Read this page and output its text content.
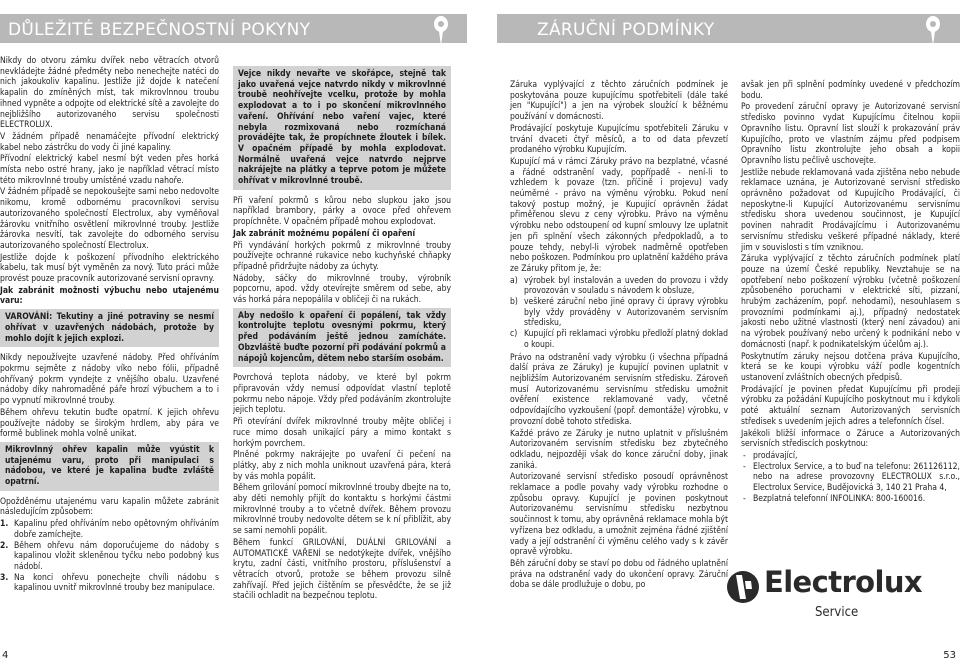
DŮLEŽITÉ BEZPEČNOSTNÍ POKYNY	ZÁRUČNÍ PODMÍNKY

Nikdy do otvoru zámku dvířek nebo větracích otvorů nevkládejte žádné předměty nebo nenechejte natéci do nich jakoukoliv kapalinu. Jestliže již dojde k natečení kapalin do zmíněných míst, tak mikrovlnnou troubu ihned vypněte a odpojte od elektrické sítě a zavolejte do nejbližšího autorizovaného servisu společnosti ELECTROLUX.

V žádném případě nenamáčejte přívodní elektrický kabel nebo zástrčku do vody či jiné kapaliny.

Přívodní elektrický kabel nesmí být veden přes horká místa nebo ostré hrany, jako je například větrací místo této mikrovlnné trouby umístěné vzadu nahoře.

V žádném případě se nepokoušejte sami nebo nedovolte nikomu, kromě odbornému pracovníkovi servisu autorizovaného společností Electrolux, aby vyměňoval žárovku vnitřního osvětlení mikrovlnné trouby. Jestliže žárovka nesvítí, tak zavolejte do odborného servisu autorizovaného společností Electrolux.

Jestliže dojde k poškození přívodního elektrického kabelu, tak musí být vyměněn za nový. Tuto práci může provést pouze pracovník autorizované servisní opravny.

Jak zabránit možnosti výbuchu nebo utajenému varu:

VAROVÁNÍ: Tekutiny a jiné potraviny se nesmí ohřívat v uzavřených nádobách, protože by mohlo dojít k jejich explozi.

Nikdy nepoužívejte uzavřené nádoby. Před ohříváním pokrmu sejměte z nádoby víko nebo fólii, případně ohřívaný pokrm vyndejte z vnějšího obalu. Uzavřené nádoby díky nahromaděné páře hrozí výbuchem a to i po vypnutí mikrovlnné trouby.

Během ohřevu tekutin buďte opatrní. K jejich ohřevu používejte nádoby se širokým hrdlem, aby pára ve formě bublinek mohla volně unikat.

Mikrovlnný ohřev kapalin může vyústit k utajenému varu, proto při manipulaci s nádobou, ve které je kapalina buďte zvláště opatrní.

Opožděnému utajenému varu kapalin můžete zabránit následujícím způsobem:

1. Kapalinu před ohříváním nebo opětovným ohříváním dobře zamíchejte.
2. Během ohřevu nám doporučujeme do nádoby s kapalinou vložit skleněnou tyčku nebo podobný kus nádobí.
3. Na konci ohřevu ponechejte chvíli nádobu s kapalinou uvnitř mikrovlnné trouby bez manipulace.
Vejce nikdy nevařte ve skořápce, stejně tak jako uvařená vejce natvrdo nikdy v mikrovlnné troubě neohřívejte vcelku, protože by mohla explodovat a to i po skončení mikrovlnného vaření. Ohřívání nebo vaření vajec, které nebyla rozmixovaná nebo rozmíchaná provádějte tak, že propíchnete žloutek i bílek. V opačném případě by mohla explodovat. Normálně uvařená vejce natvrdo nejprve nakrájejte na plátky a teprve potom je můžete ohřívat v mikrovlnné troubě.

Při vaření pokrmů s kůrou nebo slupkou jako jsou například brambory, párky a ovoce před ohřevem propíchněte. V opačném případě mohou explodovat.

Jak zabránit možnému popálení či opaření

Při vyndávání horkých pokrmů z mikrovlnné trouby používejte ochranné rukavice nebo kuchyňské chňapky případně přidržujte nádoby za úchyty.

Nádoby, sáčky do mikrovlnné trouby, výrobník popcornu, apod. vždy otevírejte směrem od sebe, aby vás horká pára nepopálila v obličeji či na rukách.

Aby nedošlo k opaření či popálení, tak vždy kontrolujte teplotu ovesnými pokrmu, který před podáváním ještě jednou zamícháte. Obzvláště buďte pozorní při podávání pokrmů a nápojů kojencům, dětem nebo starším osobám.

Povrchová teplota nádoby, ve které byl pokrm připravován vždy nemusí odpovídat vlastní teplotě pokrmu nebo nápoje. Vždy před podáváním zkontrolujte jejich teplotu.

Při otevírání dvířek mikrovlnné trouby mějte obličej i ruce mimo dosah unikající páry a mimo kontakt s horkým povrchem.

Plněné pokrmy nakrájejte po uvaření či pečení na plátky, aby z nich mohla uniknout uzavřená pára, která by vás mohla popálit.

Během grilování pomocí mikrovlnné trouby dbejte na to, aby děti nemohly přijít do kontaktu s horkými částmi mikrovlnné trouby a to včetně dvířek. Během provozu mikrovlnné trouby nedovolte dětem se k ní přiblížit, aby se sami nemohli popálit.

Během funkcí GRILOVÁNÍ, DUÁLNÍ GRILOVÁNÍ a AUTOMATICKÉ VAŘENÍ se nedotýkejte dvířek, vnějšího krytu, zadní části, vnitřního prostoru, příslušenství a větracích otvorů, protože se během provozu silně zahřívají. Před jejich čištěním se přesvědčte, že se již stačili ochladit na bezpečnou teplotu.

Záruka vyplývající z těchto záručních podmínek je poskytována pouze kupujícímu spotřebiteli (dále také jen "Kupující") a jen na výrobek sloužící k běžnému používání v domácnosti.

Prodávající poskytuje Kupujícímu spotřebiteli Záruku v trvání dvaceti čtyř měsíců, a to od data převzetí prodaného výrobku Kupujícím.

Kupující má v rámci Záruky právo na bezplatné, včasné a řádné odstranění vady, popřípadě - není-li to vzhledem k povaze (tzn. příčině i projevu) vady neúměrné - právo na výměnu výrobku. Pokud není takový postup možný, je Kupující oprávněn žádat přiměřenou slevu z ceny výrobku. Právo na výměnu výrobku nebo odstoupení od kupní smlouvy lze uplatnit jen při splnění všech zákonných předpokladů, a to pouze tehdy, nebyl-li výrobek nadměrně opotřeben nebo poškozen. Podmínkou pro uplatnění každého práva ze Záruky přitom je, že:

a) výrobek byl instalován a uveden do provozu i vždy provozován v souladu s návodem k obsluze,
b) veškeré záruční nebo jiné opravy či úpravy výrobku byly vždy prováděny v Autorizovaném servisním středisku,
c) Kupující při reklamaci výrobku předloží platný doklad o koupi.

Právo na odstranění vady výrobku (i všechna případná další práva ze Záruky) je kupující povinen uplatnit v nejbližším Autorizovaném servisním středisku. Zároveň musí Autorizovanému servisnímu středisku umožnit ověření existence reklamované vady, včetně odpovídajícího vyzkoušení (popř. demontáže) výrobku, v provozní době tohoto střediska.

Každé právo ze Záruky je nutno uplatnit v příslušném Autorizovaném servisním středisku bez zbytečného odkladu, nejpozději však do konce záruční doby, jinak zaniká.

Autorizované servisní středisko posoudí oprávněnost reklamace a podle povahy vady výrobku rozhodne o způsobu opravy. Kupující je povinen poskytnout Autorizovanému servisnímu středisku nezbytnou součinnost k tomu, aby oprávněná reklamace mohla být vyřízena bez odkladu, a umožnit zejména řádné zjištění vady a její odstranění či výměnu celého vady s k závěr opravě výrobku.

Běh záruční doby se staví po dobu od řádného uplatnění práva na odstranění vady do ukončení opravy. Záruční doba se dále prodlužuje o dobu, po

avšak jen při splnění podmínky uvedené v předchozím bodu.

Po provedení záruční opravy je Autorizované servisní středisko povinno vydat Kupujícímu čitelnou kopii Opravního listu. Opravní list slouží k prokazování práv Kupujícího, proto ve vlastním zájmu před podpisem Opravního listu zkontrolujte jeho obsah a kopii Opravního listu pečlivě uschovejte.

Jestliže nebude reklamovaná vada zjištěna nebo nebude reklamace uznána, je Autorizované servisní středisko oprávněno požadovat od Kupujícího Prodávající, či neposkytne-li Kupující Autorizovanému servisnímu středisku shora uvedenou součinnost, je Kupující povinen nahradit Prodávajícímu i Autorizovanému servisnímu středisku veškeré případné náklady, které jim v souvislosti s tím vzniknou.

Záruka vyplývající z těchto záručních podmínek platí pouze na území České republiky. Nevztahuje se na opotřebení nebo poškození výrobku (včetně poškození způsobeného poruchami v elektrické síti, pizzaní, hrubým zacházením, popř. nehodami), nesouhlasem s provozními podmínkami aj.), případný nedostatek jakosti nebo užitné vlastnosti (který není závadou) ani na výrobek používaný nebo určený k podnikání nebo v domácnosti (např. k podnikatelským účelům aj.).

Poskytnutím záruky nejsou dotčena práva Kupujícího, která se ke koupi výrobku váží podle kogentních ustanovení zvláštních obecných předpisů.

Prodávající je povinen předat Kupujícímu při prodeji výrobku za požádání Kupujícího poskytnout mu i kdykoli poté aktuální seznam Autorizovaných servisních středisek s uvedením jejich adres a telefonních čísel.

Jakékoli bližší informace o Záruce a Autorizovaných servisních střediscích poskytnou:

- prodávající,
- Electrolux Service, a to buď na telefonu: 261126112, nebo na adrese provozovny ELECTROLUX s.r.o., Electrolux Service, Budějovická 3, 140 21 Praha 4,
- Bezplatná telefonní INFOLINKA: 800-160016.
Electrolux
Service
4	53
